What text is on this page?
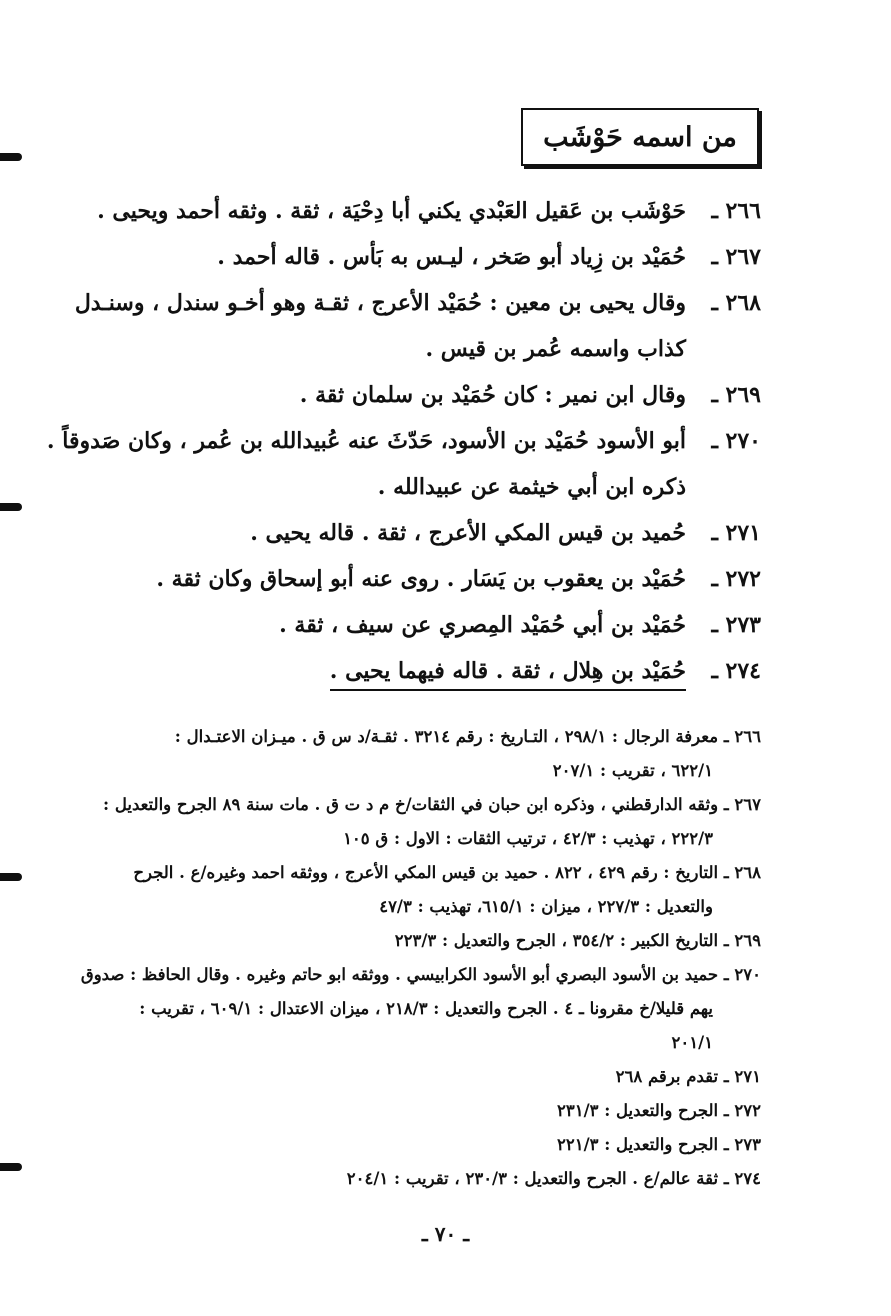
من اسمه حَوْشَب
٢٦٦ ـ
حَوْشَب بن عَقيل العَبْدي يكني أبا دِحْيَة ، ثقة . وثقه أحمد ويحيى .
٢٦٧ ـ
حُمَيْد بن زِياد أبو صَخر ، ليـس به بَأس . قاله أحمد .
٢٦٨ ـ
وقال يحيى بن معين : حُمَيْد الأعرج ، ثقـة وهو أخـو سندل ، وسنـدل
كذاب واسمه عُمر بن قيس .
٢٦٩ ـ
وقال ابن نمير : كان حُمَيْد بن سلمان ثقة .
٢٧٠ ـ
أبو الأسود حُمَيْد بن الأسود، حَدّثَ عنه عُبيدالله بن عُمر ، وكان صَدوقاً .
ذكره ابن أبي خيثمة عن عبيدالله .
٢٧١ ـ
حُميد بن قيس المكي الأعرج ، ثقة . قاله يحيى .
٢٧٢ ـ
حُمَيْد بن يعقوب بن يَسَار . روى عنه أبو إسحاق وكان ثقة .
٢٧٣ ـ
حُمَيْد بن أبي حُمَيْد المِصري عن سيف ، ثقة .
٢٧٤ ـ
حُمَيْد بن هِلال ، ثقة . قاله فيهما يحيى .
٢٦٦ ـ معرفة الرجال : ٢٩٨/١ ، التـاريخ : رقم ٣٢١٤ . ثقـة/د س ق . ميـزان الاعتـدال :
٦٢٢/١ ، تقريب : ٢٠٧/١
٢٦٧ ـ وثقه الدارقطني ، وذكره ابن حبان في الثقات/خ م د ت ق . مات سنة ٨٩ الجرح والتعديل :
٢٢٢/٣ ، تهذيب : ٤٢/٣ ، ترتيب الثقات : الاول : ق ١٠٥
٢٦٨ ـ التاريخ : رقم ٤٢٩ ، ٨٢٢ . حميد بن قيس المكي الأعرج ، ووثقه احمد وغيره/ع . الجرح
والتعديل : ٢٢٧/٣ ، ميزان : ٦١٥/١، تهذيب : ٤٧/٣
٢٦٩ ـ التاريخ الكبير : ٣٥٤/٢ ، الجرح والتعديل : ٢٢٣/٣
٢٧٠ ـ حميد بن الأسود البصري أبو الأسود الكرابيسي . ووثقه ابو حاتم وغيره . وقال الحافظ : صدوق
يهم قليلا/خ مقرونا ـ ٤ . الجرح والتعديل : ٢١٨/٣ ، ميزان الاعتدال : ٦٠٩/١ ، تقريب :
٢٠١/١
٢٧١ ـ تقدم برقم ٢٦٨
٢٧٢ ـ الجرح والتعديل : ٢٣١/٣
٢٧٣ ـ الجرح والتعديل : ٢٢١/٣
٢٧٤ ـ ثقة عالم/ع . الجرح والتعديل : ٢٣٠/٣ ، تقريب : ٢٠٤/١
ـ ٧٠ ـ
